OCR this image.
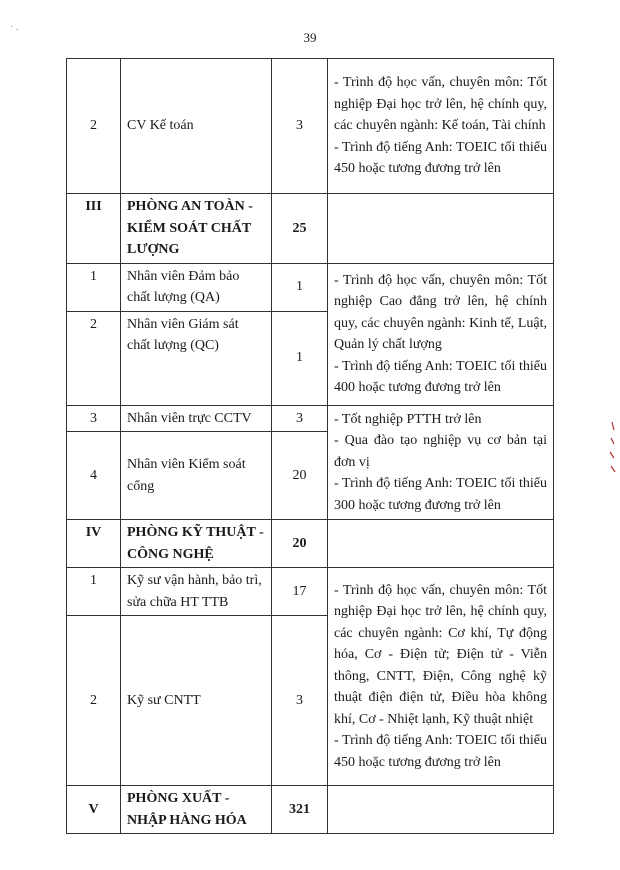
39
· .
2	CV Kế toán	3	- Trình độ học vấn, chuyên môn: Tốt nghiệp Đại học trở lên, hệ chính quy, các chuyên ngành: Kế toán, Tài chính
- Trình độ tiếng Anh: TOEIC tối thiểu 450 hoặc tương đương trở lên
III	PHÒNG AN TOÀN - KIỂM SOÁT CHẤT LƯỢNG	25	
1	Nhân viên Đảm bảo chất lượng (QA)	1	- Trình độ học vấn, chuyên môn: Tốt nghiệp Cao đẳng trở lên, hệ chính quy, các chuyên ngành: Kinh tế, Luật, Quản lý chất lượng
- Trình độ tiếng Anh: TOEIC tối thiểu 400 hoặc tương đương trở lên
2	Nhân viên Giám sát chất lượng (QC)	1	
3	Nhân viên trực CCTV	3	- Tốt nghiệp PTTH trở lên
- Qua đào tạo nghiệp vụ cơ bản tại đơn vị
- Trình độ tiếng Anh: TOEIC tối thiểu 300 hoặc tương đương trở lên
4	Nhân viên Kiểm soát cổng	20	
IV	PHÒNG KỸ THUẬT - CÔNG NGHỆ	20	
1	Kỹ sư vận hành, bảo trì, sửa chữa HT TTB	17	- Trình độ học vấn, chuyên môn: Tốt nghiệp Đại học trở lên, hệ chính quy, các chuyên ngành: Cơ khí, Tự động hóa, Cơ - Điện tử; Điện tử - Viễn thông, CNTT, Điện, Công nghệ kỹ thuật điện điện tử, Điều hòa không khí, Cơ - Nhiệt lạnh, Kỹ thuật nhiệt
- Trình độ tiếng Anh: TOEIC tối thiểu 450 hoặc tương đương trở lên
2	Kỹ sư CNTT	3	
V	PHÒNG XUẤT - NHẬP HÀNG HÓA	321	
